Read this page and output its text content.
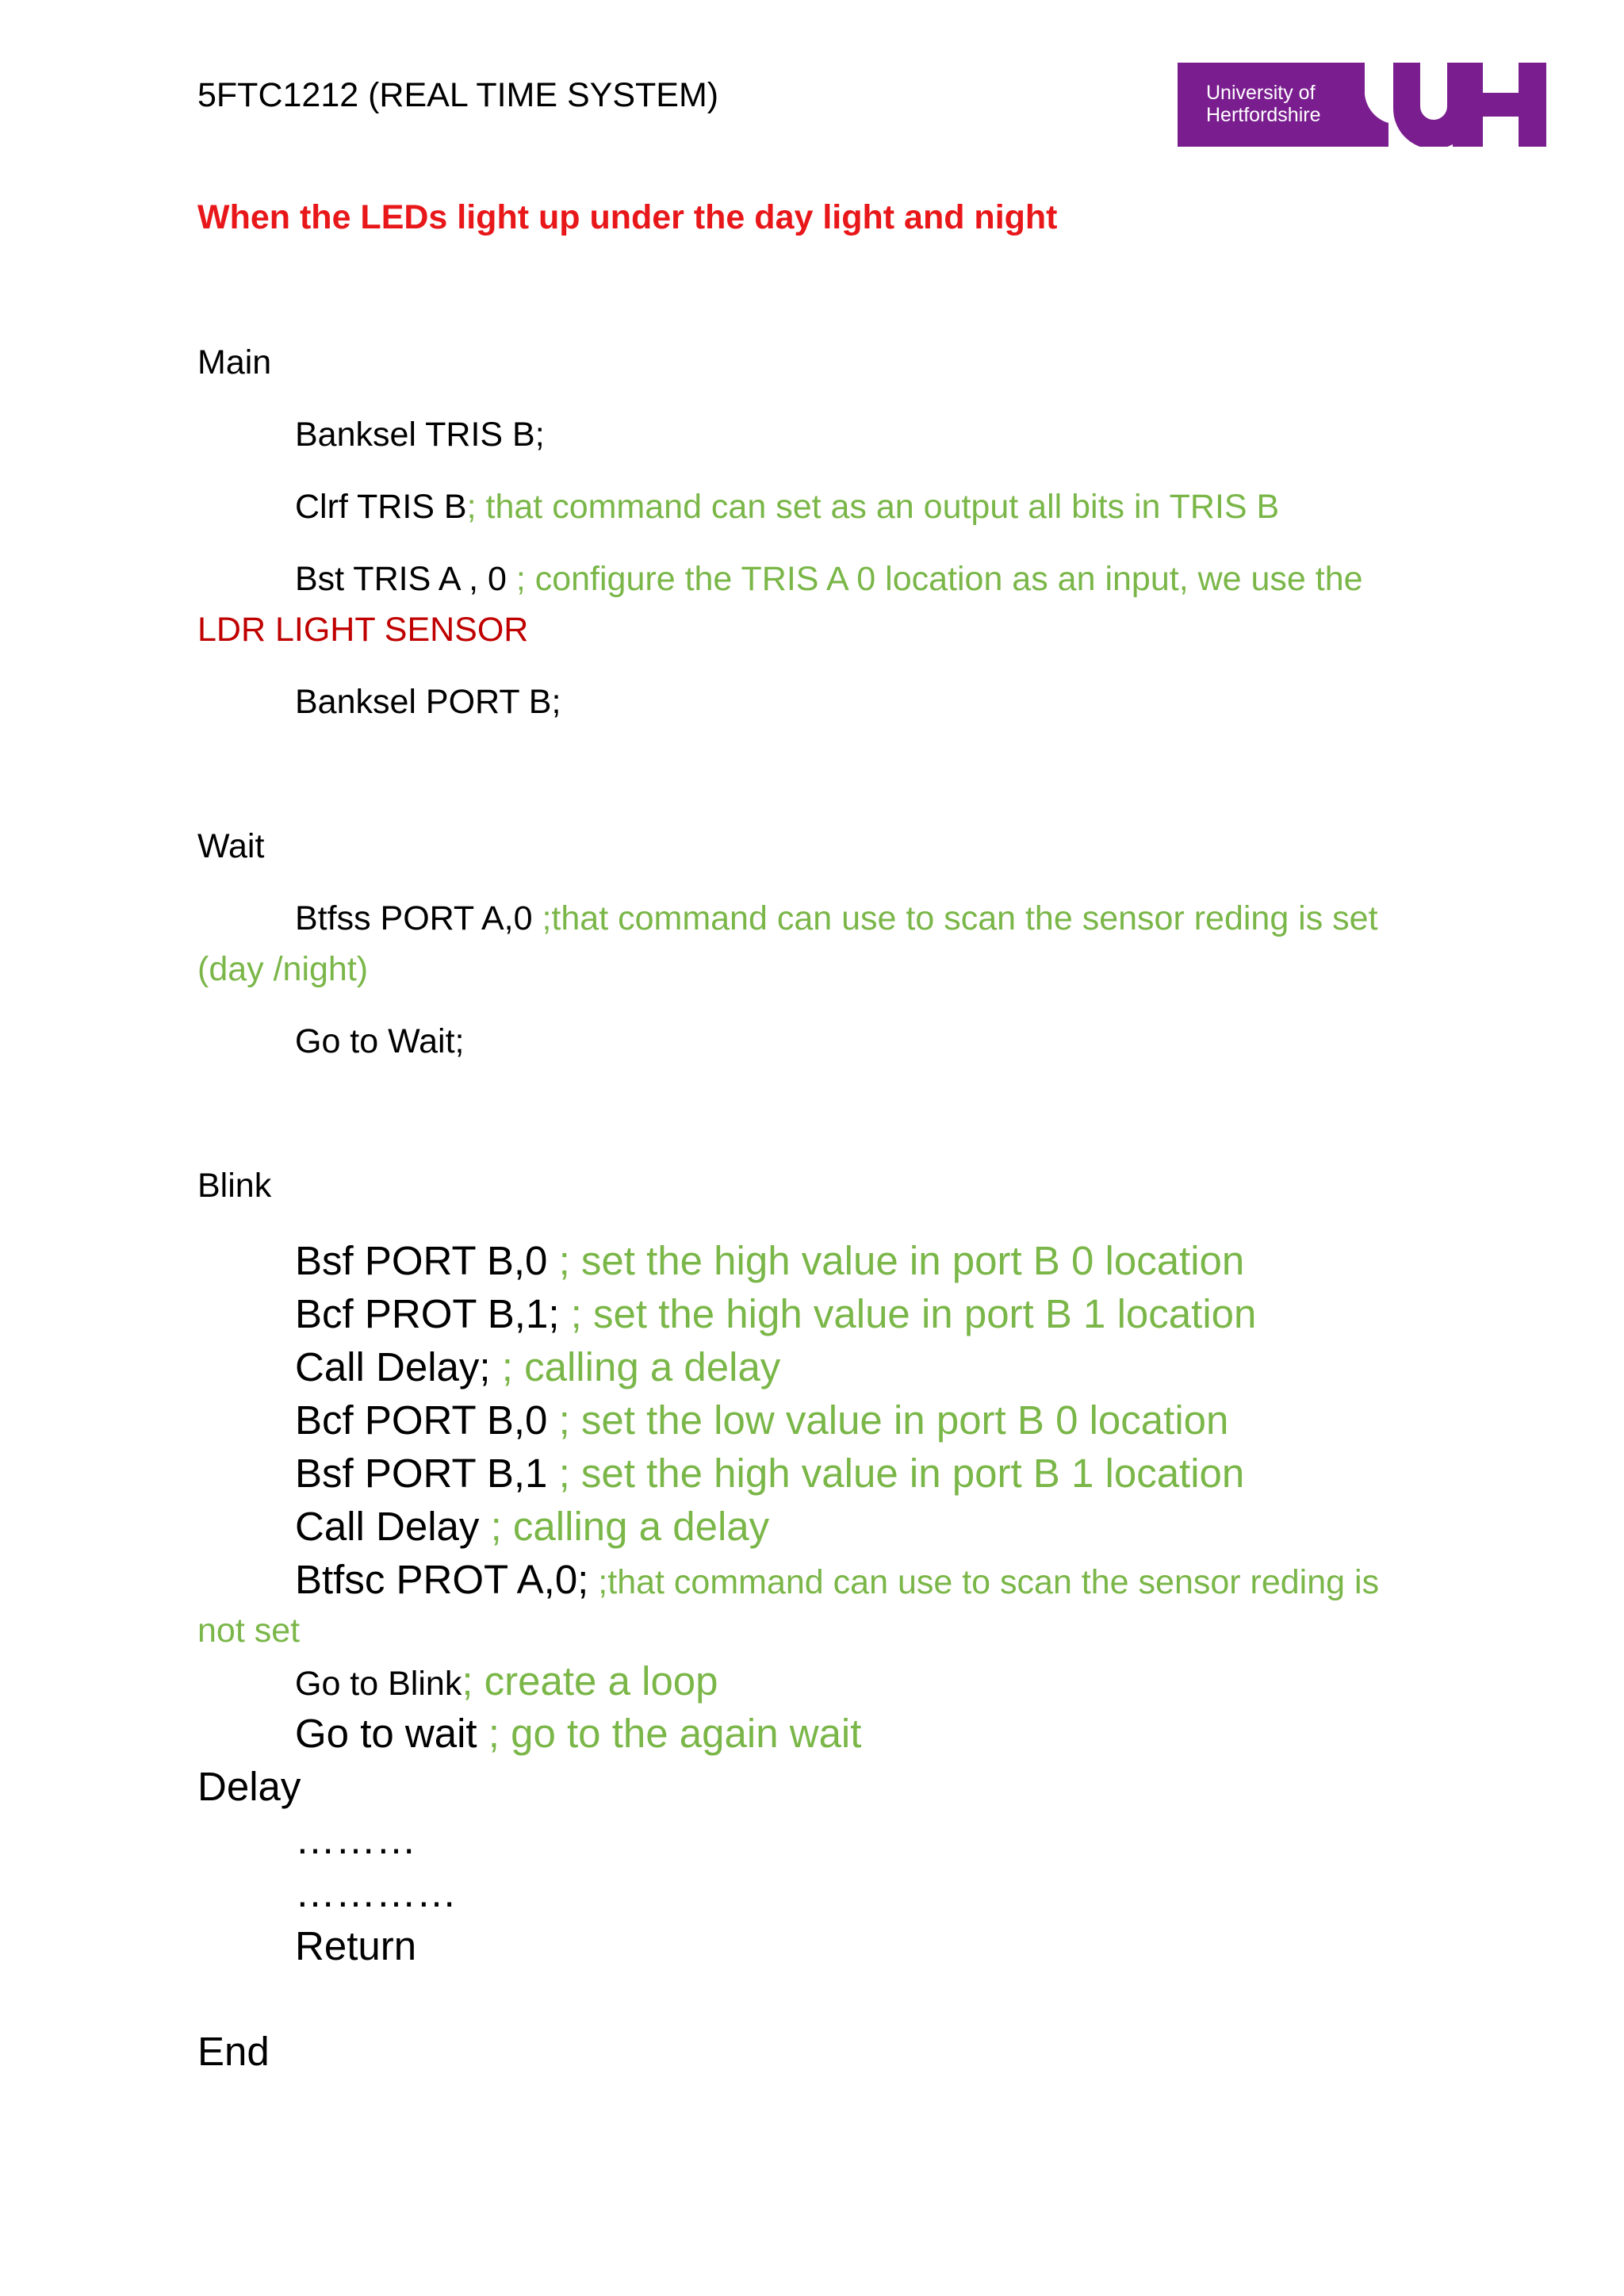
5FTC1212 (REAL TIME SYSTEM)	University of
Hertfordshire
When the LEDs light up under the day light and night
Main
Banksel TRIS B;
Clrf TRIS B; that command can set as an output all bits in TRIS B
Bst TRIS A , 0 ; configure the TRIS A 0 location as an input, we use the
LDR LIGHT SENSOR
Banksel PORT B;
Wait
Btfss PORT A,0 ;that command can use to scan the sensor reding is set
(day /night)
Go to Wait;
Blink
Bsf PORT B,0 ; set the high value in port B 0 location
Bcf PROT B,1; ; set the high value in port B 1 location
Call Delay; ; calling a delay
Bcf PORT B,0 ; set the low value in port B 0 location
Bsf PORT B,1 ; set the high value in port B 1 location
Call Delay ; calling a delay
Btfsc PROT A,0; ;that command can use to scan the sensor reding is
not set
Go to Blink; create a loop
Go to wait ; go to the again wait
Delay
………
…………
Return
End
